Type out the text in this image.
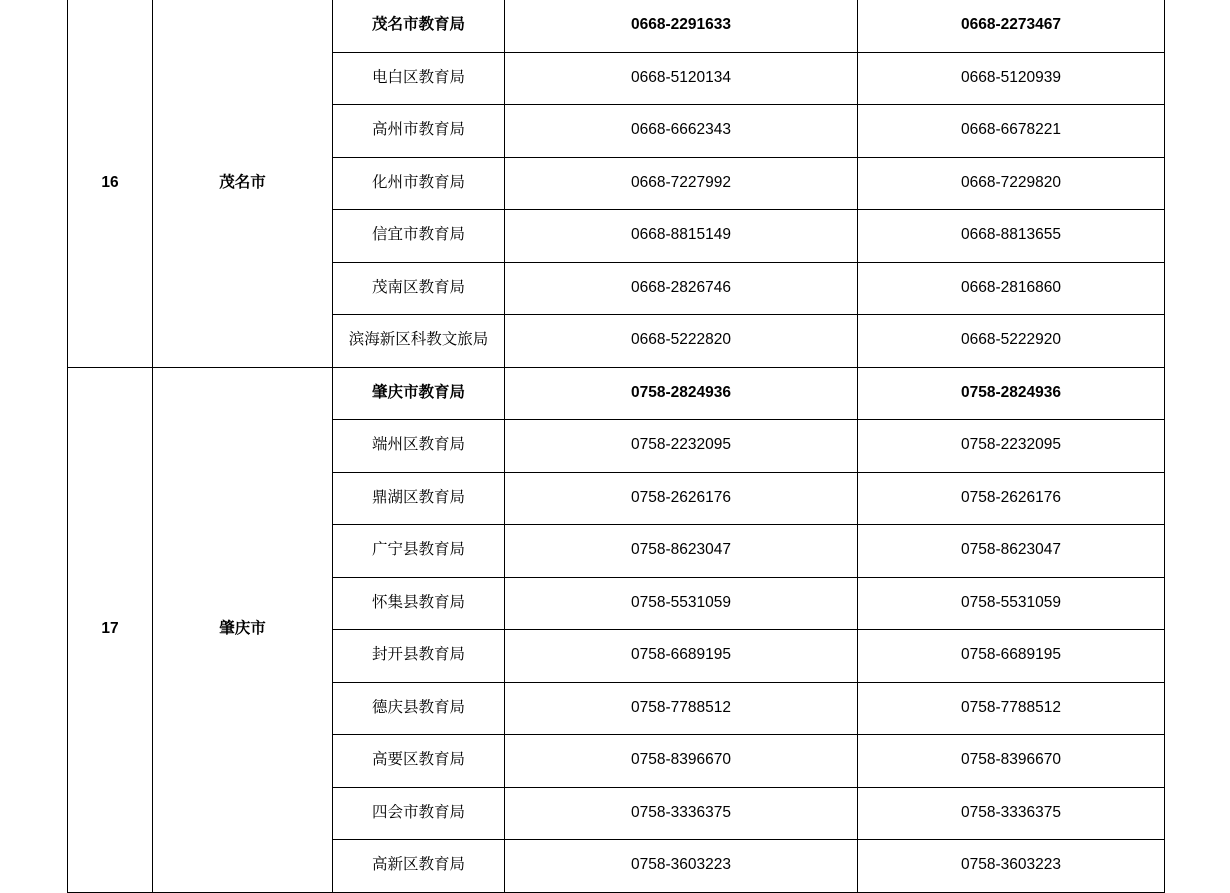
16	茂名市	茂名市教育局	0668-2291633	0668-2273467
		电白区教育局	0668-5120134	0668-5120939
		高州市教育局	0668-6662343	0668-6678221
		化州市教育局	0668-7227992	0668-7229820
		信宜市教育局	0668-8815149	0668-8813655
		茂南区教育局	0668-2826746	0668-2816860
		滨海新区科教文旅局	0668-5222820	0668-5222920
17	肇庆市	肇庆市教育局	0758-2824936	0758-2824936
		端州区教育局	0758-2232095	0758-2232095
		鼎湖区教育局	0758-2626176	0758-2626176
		广宁县教育局	0758-8623047	0758-8623047
		怀集县教育局	0758-5531059	0758-5531059
		封开县教育局	0758-6689195	0758-6689195
		德庆县教育局	0758-7788512	0758-7788512
		高要区教育局	0758-8396670	0758-8396670
		四会市教育局	0758-3336375	0758-3336375
		高新区教育局	0758-3603223	0758-3603223
